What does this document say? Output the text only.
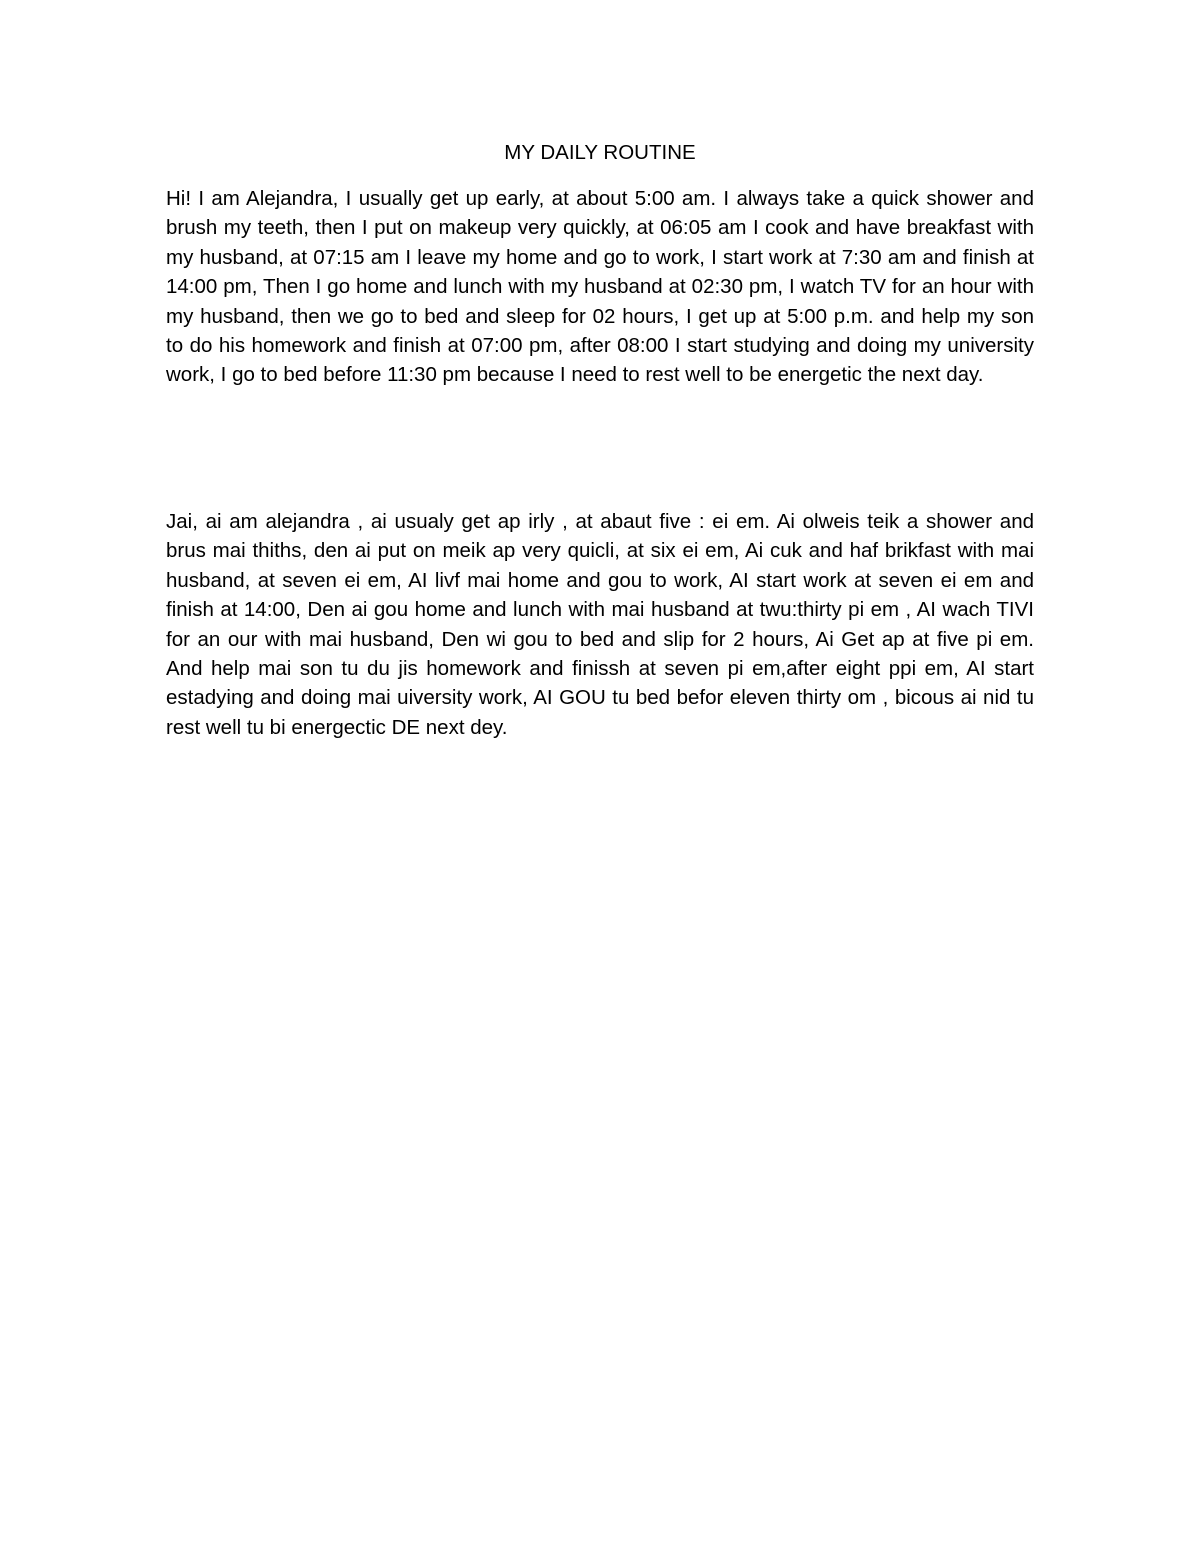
MY DAILY ROUTINE

Hi! I am Alejandra, I usually get up early, at about 5:00 am. I always take a quick shower and brush my teeth, then I put on makeup very quickly, at 06:05 am I cook and have breakfast with my husband, at 07:15 am I leave my home and go to work, I start work at 7:30 am and finish at 14:00 pm, Then I go home and lunch with my husband at 02:30 pm, I watch TV for an hour with my husband, then we go to bed and sleep for 02 hours, I get up at 5:00 p.m. and help my son to do his homework and finish at 07:00 pm, after 08:00 I start studying and doing my university work, I go to bed before 11:30 pm because I need to rest well to be energetic the next day.

Jai, ai am alejandra , ai usualy get ap irly , at abaut five : ei em. Ai olweis teik a shower and brus mai thiths, den ai put on meik ap very quicli, at six ei em, Ai cuk and haf brikfast with mai husband, at seven ei em, AI livf mai home and gou to work, AI start work at seven ei em and finish at 14:00, Den ai gou home and lunch with mai husband at twu:thirty pi em , AI wach TIVI for an our with mai husband, Den wi gou to bed and slip for 2 hours, Ai Get ap at five pi em. And help mai son tu du jis homework and finissh at seven pi em,after eight ppi em, AI start estadying and doing mai uiversity work, AI GOU tu bed befor eleven thirty om , bicous ai nid tu rest well tu bi energectic DE next dey.
